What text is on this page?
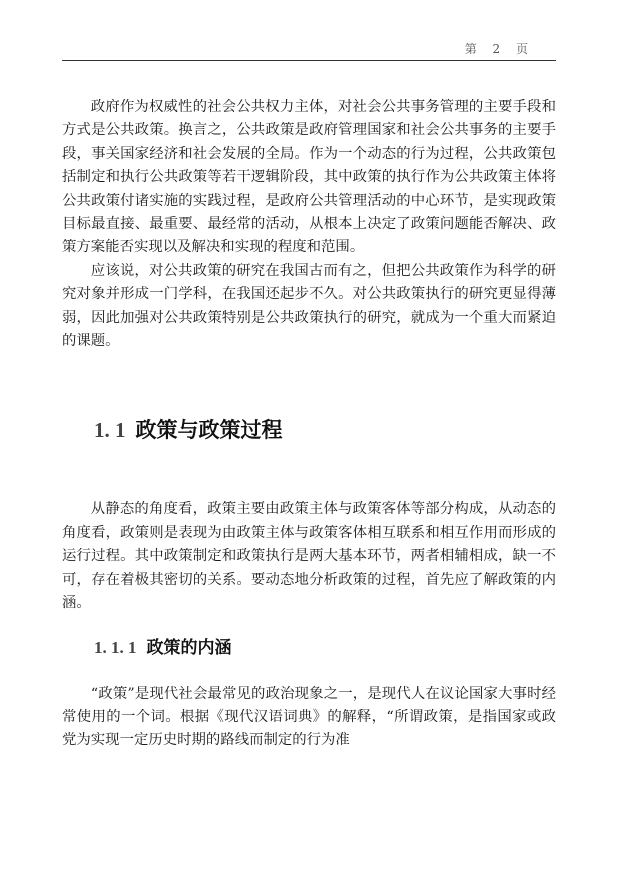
第 2 页

政府作为权威性的社会公共权力主体，对社会公共事务管理的主要手段和方式是公共政策。换言之，公共政策是政府管理国家和社会公共事务的主要手段，事关国家经济和社会发展的全局。作为一个动态的行为过程，公共政策包括制定和执行公共政策等若干逻辑阶段，其中政策的执行作为公共政策主体将公共政策付诸实施的实践过程，是政府公共管理活动的中心环节，是实现政策目标最直接、最重要、最经常的活动，从根本上决定了政策问题能否解决、政策方案能否实现以及解决和实现的程度和范围。

应该说，对公共政策的研究在我国古而有之，但把公共政策作为科学的研究对象并形成一门学科，在我国还起步不久。对公共政策执行的研究更显得薄弱，因此加强对公共政策特别是公共政策执行的研究，就成为一个重大而紧迫的课题。

1. 1 政策与政策过程

从静态的角度看，政策主要由政策主体与政策客体等部分构成，从动态的角度看，政策则是表现为由政策主体与政策客体相互联系和相互作用而形成的运行过程。其中政策制定和政策执行是两大基本环节，两者相辅相成，缺一不可，存在着极其密切的关系。要动态地分析政策的过程，首先应了解政策的内涵。

1. 1. 1 政策的内涵

“政策”是现代社会最常见的政治现象之一，是现代人在议论国家大事时经常使用的一个词。根据《现代汉语词典》的解释，“所谓政策，是指国家或政党为实现一定历史时期的路线而制定的行为准
